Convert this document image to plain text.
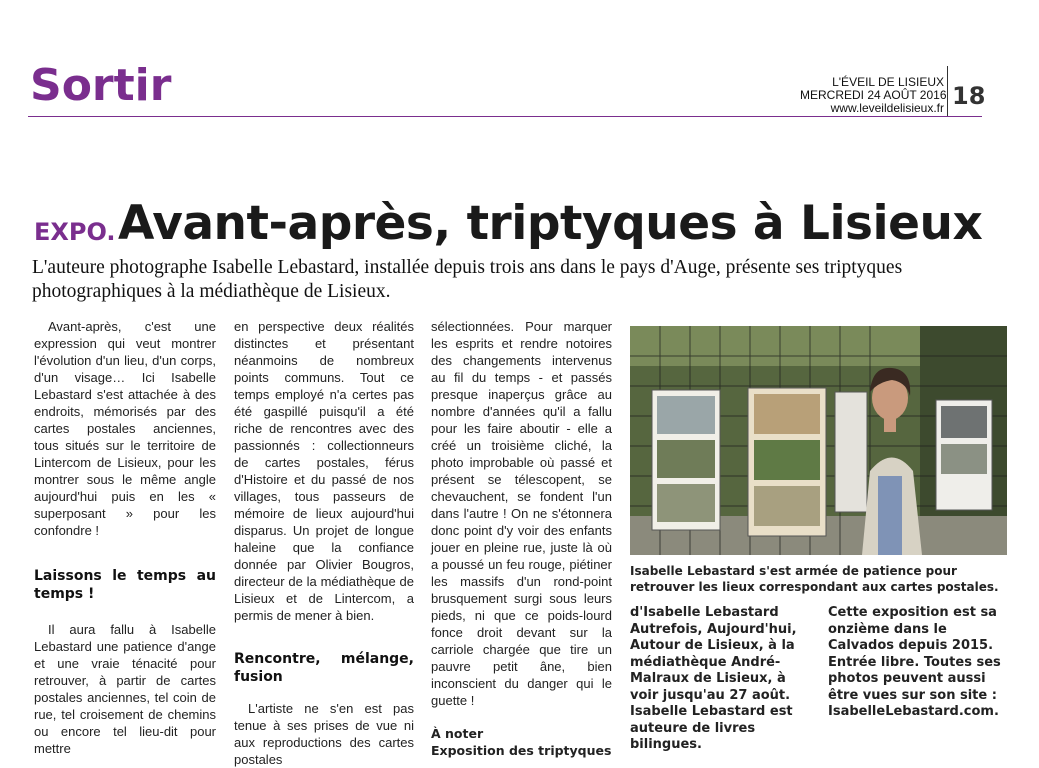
Sortir	L'ÉVEIL DE LISIEUX
MERCREDI 24 AOÛT 2016
www.leveildelisieux.fr 18
EXPO. Avant-après, triptyques à Lisieux
L'auteure photographe Isabelle Lebastard, installée depuis trois ans dans le pays d'Auge, présente ses triptyques photographiques à la médiathèque de Lisieux.

Avant-après, c'est une expression qui veut montrer l'évolution d'un lieu, d'un corps, d'un visage… Ici Isabelle Lebastard s'est attachée à des endroits, mémorisés par des cartes postales anciennes, tous situés sur le territoire de Lintercom de Lisieux, pour les montrer sous le même angle aujourd'hui puis en les « superposant » pour les confondre !

Laissons le temps au temps !

Il aura fallu à Isabelle Lebastard une patience d'ange et une vraie ténacité pour retrouver, à partir de cartes postales anciennes, tel coin de rue, tel croisement de chemins ou encore tel lieu-dit pour mettre

en perspective deux réalités distinctes et présentant néanmoins de nombreux points communs. Tout ce temps employé n'a certes pas été gaspillé puisqu'il a été riche de rencontres avec des passionnés : collectionneurs de cartes postales, férus d'Histoire et du passé de nos villages, tous passeurs de mémoire de lieux aujourd'hui disparus. Un projet de longue haleine que la confiance donnée par Olivier Bougros, directeur de la médiathèque de Lisieux et de Lintercom, a permis de mener à bien.

Rencontre, mélange, fusion

L'artiste ne s'en est pas tenue à ses prises de vue ni aux reproductions des cartes postales

sélectionnées. Pour marquer les esprits et rendre notoires des changements intervenus au fil du temps - et passés presque inaperçus grâce au nombre d'années qu'il a fallu pour les faire aboutir - elle a créé un troisième cliché, la photo improbable où passé et présent se télescopent, se chevauchent, se fondent l'un dans l'autre ! On ne s'étonnera donc point d'y voir des enfants jouer en pleine rue, juste là où a poussé un feu rouge, piétiner les massifs d'un rond-point brusquement surgi sous leurs pieds, ni que ce poids-lourd fonce droit devant sur la carriole chargée que tire un pauvre petit âne, bien inconscient du danger qui le guette !

À noter
Exposition des triptyques
Isabelle Lebastard s'est armée de patience pour retrouver les lieux correspondant aux cartes postales.

d'Isabelle Lebastard Autrefois, Aujourd'hui, Autour de Lisieux, à la médiathèque André-Malraux de Lisieux, à voir jusqu'au 27 août. Isabelle Lebastard est auteure de livres bilingues.

Cette exposition est sa onzième dans le Calvados depuis 2015. Entrée libre. Toutes ses photos peuvent aussi être vues sur son site : IsabelleLebastard.com.
